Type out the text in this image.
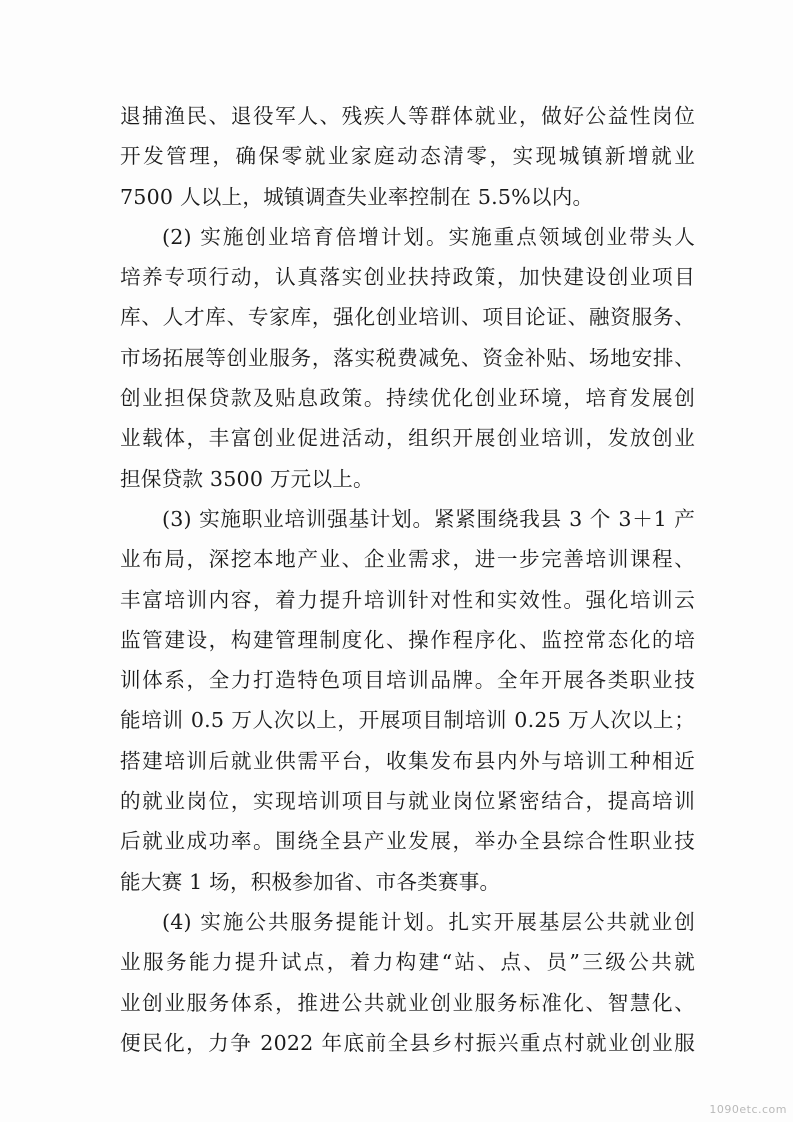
退捕渔民、退役军人、残疾人等群体就业，做好公益性岗位
开发管理，确保零就业家庭动态清零，实现城镇新增就业
7500 人以上，城镇调查失业率控制在 5.5%以内。
(2) 实施创业培育倍增计划。实施重点领域创业带头人
培养专项行动，认真落实创业扶持政策，加快建设创业项目
库、人才库、专家库，强化创业培训、项目论证、融资服务、
市场拓展等创业服务，落实税费减免、资金补贴、场地安排、
创业担保贷款及贴息政策。持续优化创业环境，培育发展创
业载体，丰富创业促进活动，组织开展创业培训，发放创业
担保贷款 3500 万元以上。
(3) 实施职业培训强基计划。紧紧围绕我县 3 个 3＋1 产
业布局，深挖本地产业、企业需求，进一步完善培训课程、
丰富培训内容，着力提升培训针对性和实效性。强化培训云
监管建设，构建管理制度化、操作程序化、监控常态化的培
训体系，全力打造特色项目培训品牌。全年开展各类职业技
能培训 0.5 万人次以上，开展项目制培训 0.25 万人次以上；
搭建培训后就业供需平台，收集发布县内外与培训工种相近
的就业岗位，实现培训项目与就业岗位紧密结合，提高培训
后就业成功率。围绕全县产业发展，举办全县综合性职业技
能大赛 1 场，积极参加省、市各类赛事。
(4) 实施公共服务提能计划。扎实开展基层公共就业创
业服务能力提升试点，着力构建“站、点、员”三级公共就
业创业服务体系，推进公共就业创业服务标准化、智慧化、
便民化，力争 2022 年底前全县乡村振兴重点村就业创业服
1090etc.com
